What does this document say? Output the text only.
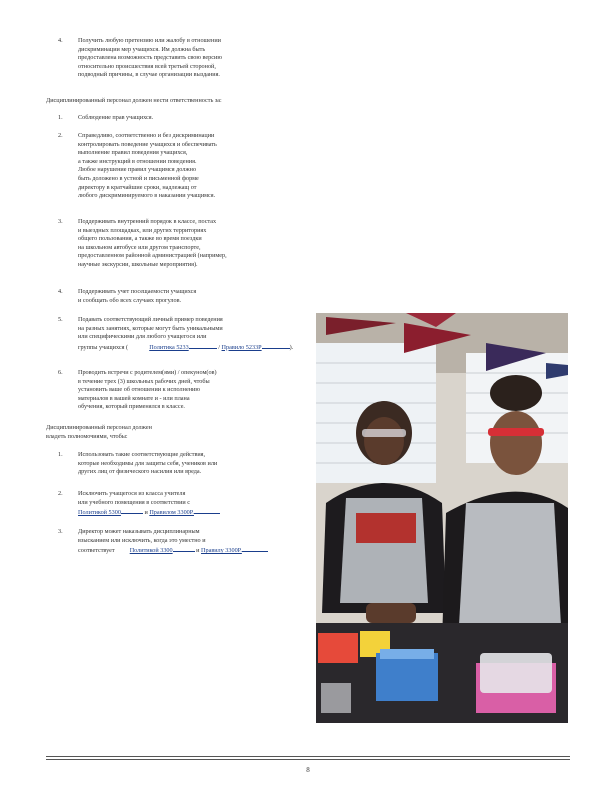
4. Получить любую претензию или жалобу в отношении
дискриминации мер учащихся. Им должна быть
предоставлена возможность представить свою версию
относительно происшествия всей третьей стороной,
подводный причины, в случае организации выздания.
Дисциплинированный персонал должен нести ответственность за:
1. Соблюдение прав учащихся.
2. Справедливо, соответственно и без дискриминации
контролировать поведение учащихся и обеспечивать
выполнение правил поведения учащихся,
а также инструкций в отношении поведения.
Любое нарушение правил учащимся должно
быть доложено в устной и письменной форме
директору в кратчайшие сроки, надлежащ от
любого дискриминируемого в наказании учащимся.
3. Поддерживать внутренний порядок в классе, постах
и выездных площадках, или других территориях
общего пользования, а также во время поездки
на школьном автобусе или другом транспорте,
предоставленном районной администрацией (например,
научные экскурсии, школьные мероприятия).
4. Поддерживать учет посещаемости учащихся
и сообщать обо всех случаях прогулов.
5. Подавать соответствующий личный пример поведения
на разных занятиях, которые могут быть уникальными
или специфическими для любого учащегося или
группы учащихся (	Политика 5233	/ Правило 5233Р	).
6. Проводить встречи с родителем(ями) / опекуном(ов)
в течение трех (3) школьных рабочих дней, чтобы
установить ваше об отношении к исполнению
материалов в вашей комнате и - или плана
обучения, который применялся в классе.
Дисциплинированный персонал должен
владеть полномочиями, чтобы:
1. Использовать такие соответствующие действия,
которые необходимы для защиты себя, учеников или
других лиц от физического насилия или вреда.
2. Исключить учащегося из класса учителя
или учебного помещения в соответствии с
Политикой 5300	и Правилом 3300Р.
3. Директор может наказывать дисциплинарным
взысканием или исключить, когда это уместно и
соответствует Политикой 3300	и Правилу 3300Р.
8
